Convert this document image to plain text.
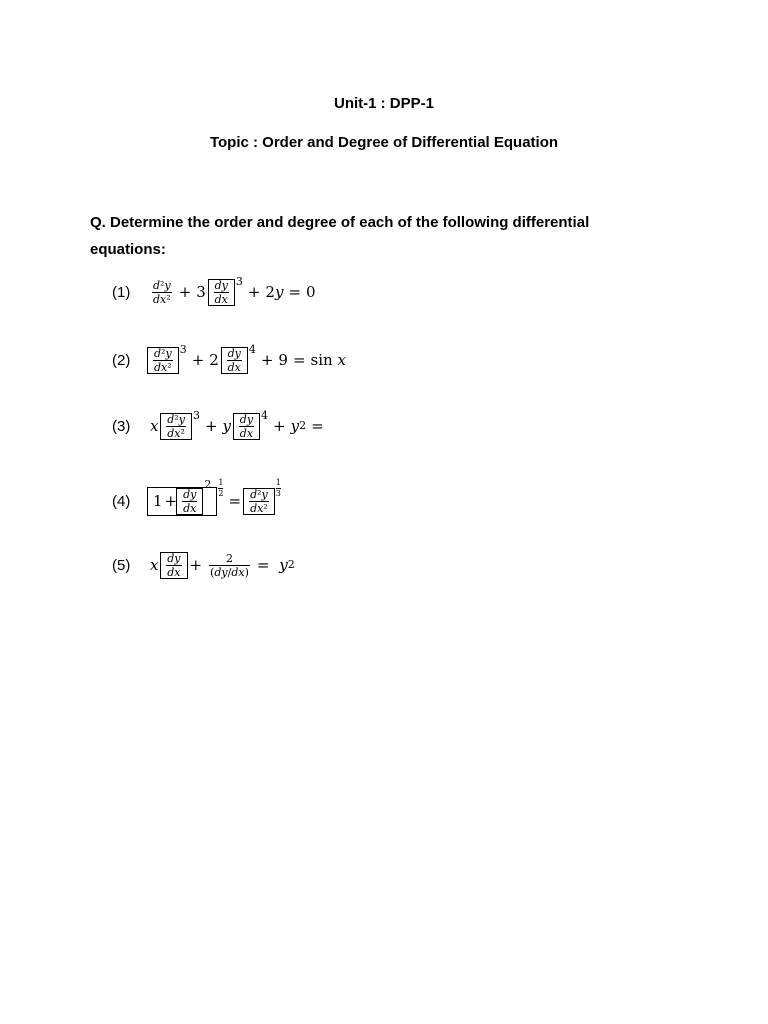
Unit-1 : DPP-1
Topic : Order and Degree of Differential Equation
Q. Determine the order and degree of each of the following differential equations:
(1)	$\frac{\text{d²y}}{\text{dx²}} + 3 \frac{dy}{dx} 3$
+ 2 y = 0
(2)	$\frac{\text{d²y}}{\text{dx²}} 3$
+ $2 \frac{dy}{dx} 4$
+ 9 = sin x
(3)	x
$\frac{\text{d²y}}{\text{dx²}} 3$
+ y
$\frac{dy}{dx} 4$
+ y 2 =
(4)	$1 + \frac{dy}{dx}$
$2 \frac{1}{2}$
= $\frac{\text{d²y}}{\text{dx²}}$
$\frac{1}{3}$
(5)	x
$\frac{dy}{dx} + \frac{2}{(dy/dx)}$ =
y 2
